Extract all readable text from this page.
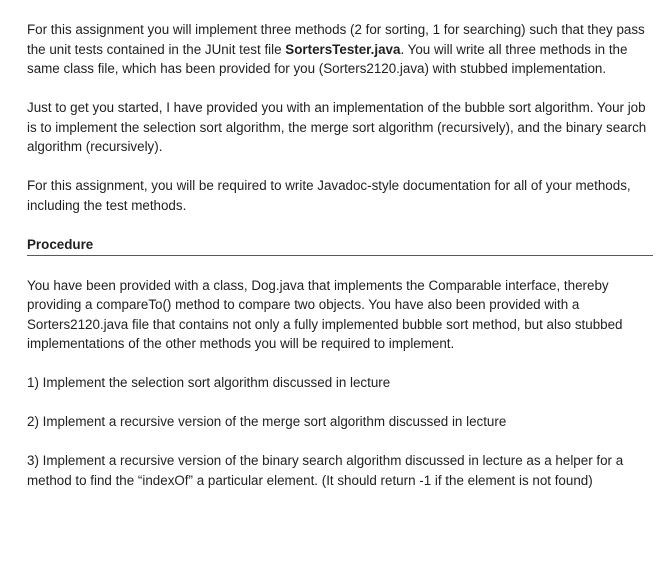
For this assignment you will implement three methods (2 for sorting, 1 for searching) such that they pass the unit tests contained in the JUnit test file SortersTester.java. You will write all three methods in the same class file, which has been provided for you (Sorters2120.java) with stubbed implementation.

Just to get you started, I have provided you with an implementation of the bubble sort algorithm. Your job is to implement the selection sort algorithm, the merge sort algorithm (recursively), and the binary search algorithm (recursively).

For this assignment, you will be required to write Javadoc-style documentation for all of your methods, including the test methods.

Procedure

You have been provided with a class, Dog.java that implements the Comparable interface, thereby providing a compareTo() method to compare two objects. You have also been provided with a Sorters2120.java file that contains not only a fully implemented bubble sort method, but also stubbed implementations of the other methods you will be required to implement.

1) Implement the selection sort algorithm discussed in lecture

2) Implement a recursive version of the merge sort algorithm discussed in lecture

3) Implement a recursive version of the binary search algorithm discussed in lecture as a helper for a method to find the “indexOf” a particular element. (It should return -1 if the element is not found)
